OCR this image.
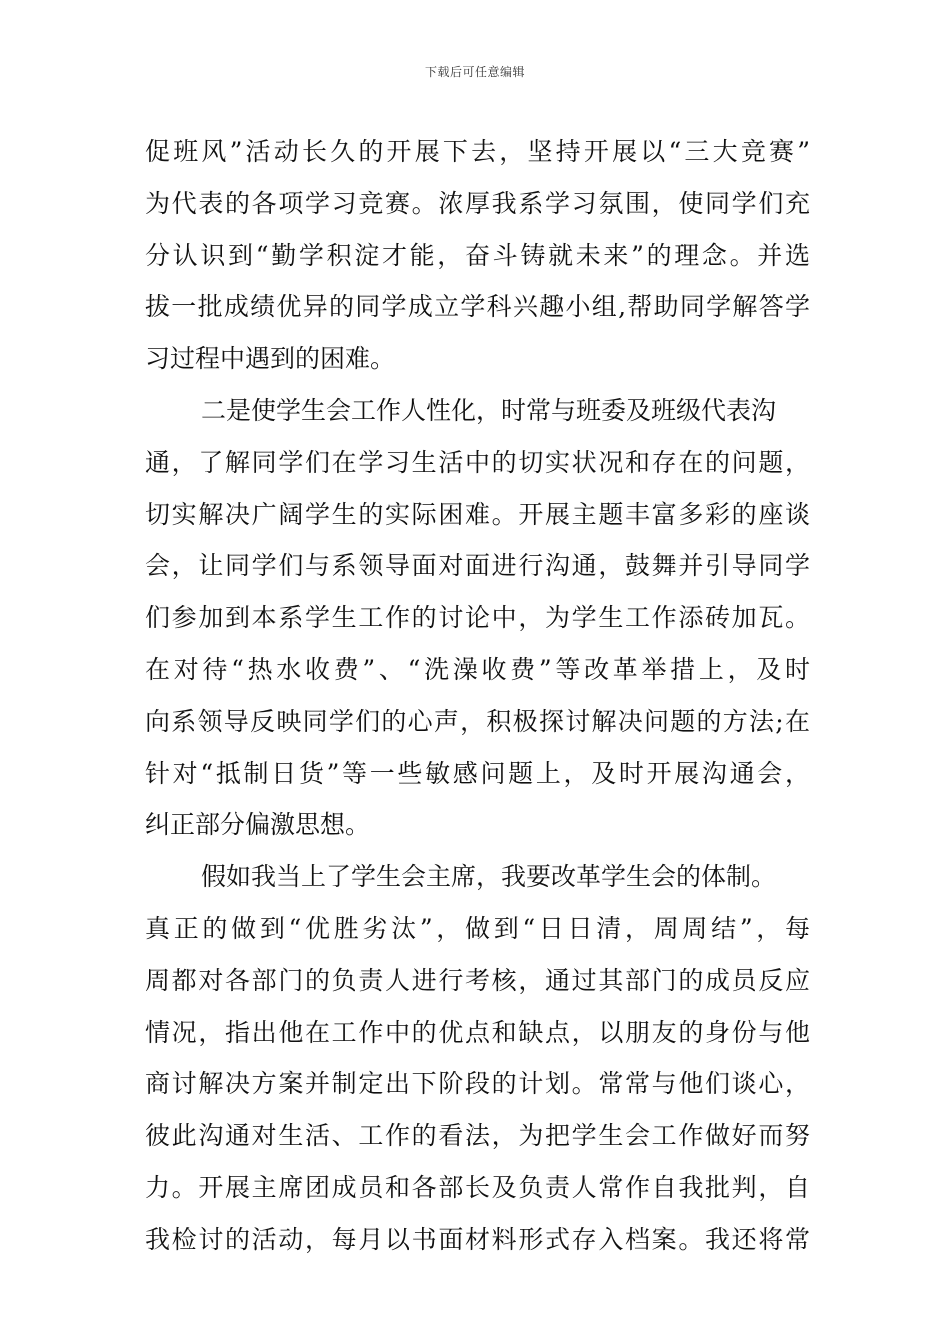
下载后可任意编辑
促班风”活动长久的开展下去，坚持开展以“三大竞赛”
为代表的各项学习竞赛。浓厚我系学习氛围，使同学们充
分认识到“勤学积淀才能，奋斗铸就未来”的理念。并选
拔一批成绩优异的同学成立学科兴趣小组,帮助同学解答学
习过程中遇到的困难。
二是使学生会工作人性化，时常与班委及班级代表沟
通，了解同学们在学习生活中的切实状况和存在的问题，
切实解决广阔学生的实际困难。开展主题丰富多彩的座谈
会，让同学们与系领导面对面进行沟通，鼓舞并引导同学
们参加到本系学生工作的讨论中，为学生工作添砖加瓦。
在对待“热水收费”、“洗澡收费”等改革举措上，及时
向系领导反映同学们的心声，积极探讨解决问题的方法;在
针对“抵制日货”等一些敏感问题上，及时开展沟通会，
纠正部分偏激思想。
假如我当上了学生会主席，我要改革学生会的体制。
真正的做到“优胜劣汰”，做到“日日清，周周结”，每
周都对各部门的负责人进行考核，通过其部门的成员反应
情况，指出他在工作中的优点和缺点，以朋友的身份与他
商讨解决方案并制定出下阶段的计划。常常与他们谈心，
彼此沟通对生活、工作的看法，为把学生会工作做好而努
力。开展主席团成员和各部长及负责人常作自我批判，自
我检讨的活动，每月以书面材料形式存入档案。我还将常
